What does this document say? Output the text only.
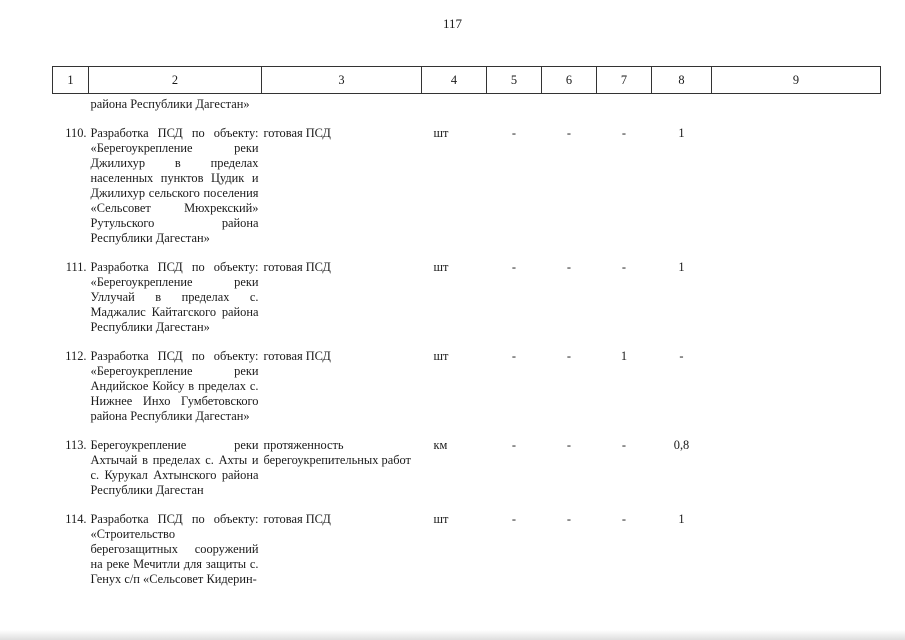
117
1	2	3	4	5	6	7	8	9
	района Республики Дагестан»							

110.	Разработка ПСД по объекту: «Берегоукрепление реки Джилихур в пределах населенных пунктов Цудик и Джилихур сельского поселения «Сельсовет Мюхрекский» Рутульского района Республики Дагестан»	готовая ПСД	шт	-	-	-	1	

111.	Разработка ПСД по объекту: «Берегоукрепление реки Уллучай в пределах с. Маджалис Кайтагского района Республики Дагестан»	готовая ПСД	шт	-	-	-	1	

112.	Разработка ПСД по объекту: «Берегоукрепление реки Андийское Койсу в пределах с. Нижнее Инхо Гумбетовского района Республики Дагестан»	готовая ПСД	шт	-	-	1	-	

113.	Берегоукрепление реки Ахтычай в пределах с. Ахты и с. Курукал Ахтынского района Республики Дагестан	протяженность берегоукрепительных работ	км	-	-	-	0,8	

114.	Разработка ПСД по объекту: «Строительство берегозащитных сооружений на реке Мечитли для защиты с. Генух с/п «Сельсовет Кидерин-	готовая ПСД	шт	-	-	-	1	
